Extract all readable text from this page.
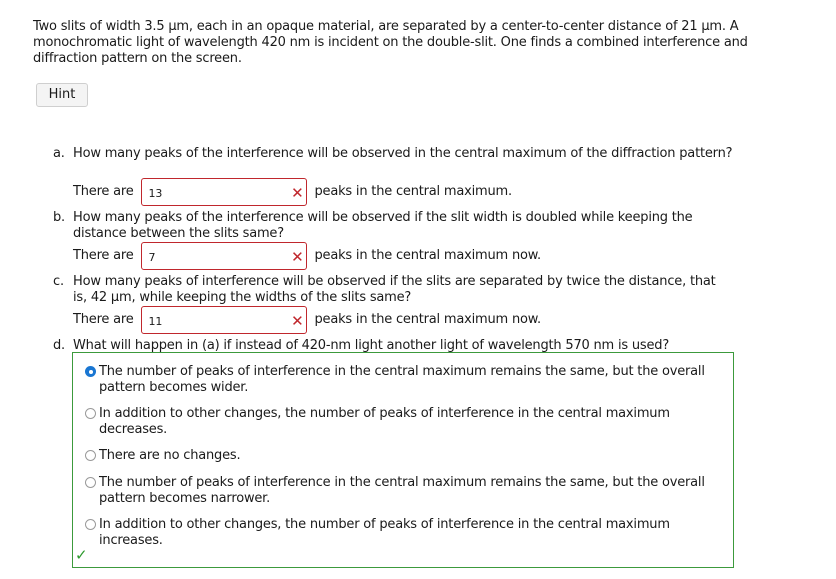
Two slits of width 3.5 μm, each in an opaque material, are separated by a center-to-center distance of 21 μm. A monochromatic light of wavelength 420 nm is incident on the double-slit. One finds a combined interference and diffraction pattern on the screen.
Hint
a. How many peaks of the interference will be observed in the central maximum of the diffraction pattern?
There are 13	✕ peaks in the central maximum.
b. How many peaks of the interference will be observed if the slit width is doubled while keeping the distance between the slits same?
There are 7	✕ peaks in the central maximum now.
c. How many peaks of interference will be observed if the slits are separated by twice the distance, that is, 42 μm, while keeping the widths of the slits same?
There are 11	✕ peaks in the central maximum now.
d. What will happen in (a) if instead of 420-nm light another light of wavelength 570 nm is used?
The number of peaks of interference in the central maximum remains the same, but the overall pattern becomes wider.
In addition to other changes, the number of peaks of interference in the central maximum decreases.
There are no changes.
The number of peaks of interference in the central maximum remains the same, but the overall pattern becomes narrower.
In addition to other changes, the number of peaks of interference in the central maximum increases.
✓
